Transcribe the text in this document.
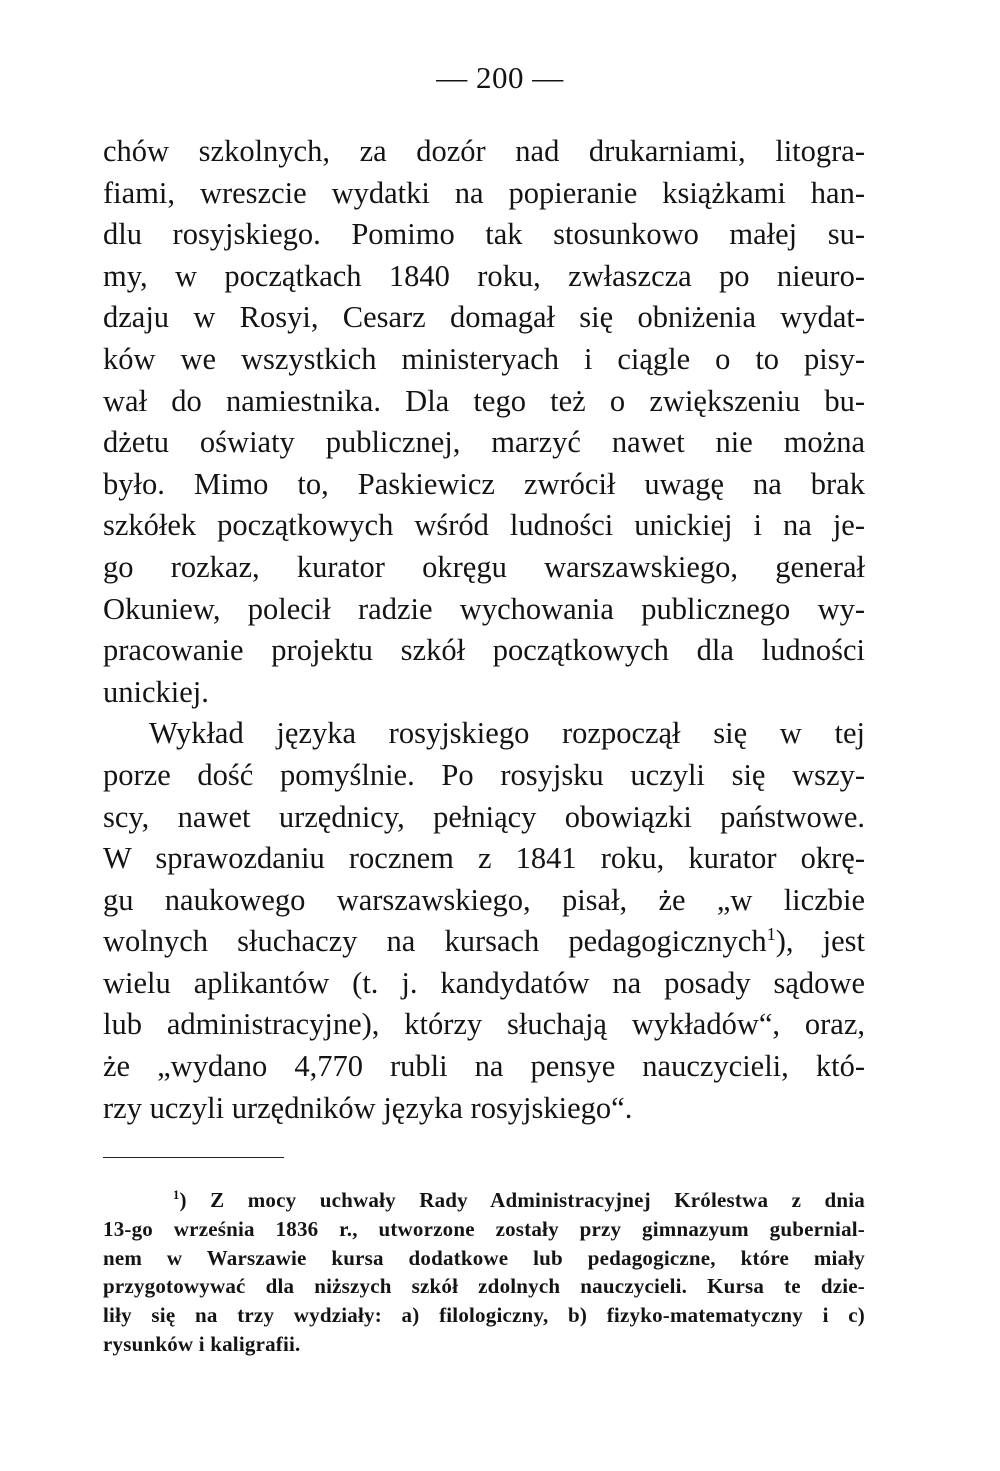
— 200 —
chów szkolnych, za dozór nad drukarniami, litogra-
fiami, wreszcie wydatki na popieranie książkami han-
dlu rosyjskiego. Pomimo tak stosunkowo małej su-
my, w początkach 1840 roku, zwłaszcza po nieuro-
dzaju w Rosyi, Cesarz domagał się obniżenia wydat-
ków we wszystkich ministeryach i ciągle o to pisy-
wał do namiestnika. Dla tego też o zwiększeniu bu-
dżetu oświaty publicznej, marzyć nawet nie można
było. Mimo to, Paskiewicz zwrócił uwagę na brak
szkółek początkowych wśród ludności unickiej i na je-
go rozkaz, kurator okręgu warszawskiego, generał
Okuniew, polecił radzie wychowania publicznego wy-
pracowanie projektu szkół początkowych dla ludności
unickiej.
Wykład języka rosyjskiego rozpoczął się w tej
porze dość pomyślnie. Po rosyjsku uczyli się wszy-
scy, nawet urzędnicy, pełniący obowiązki państwowe.
W sprawozdaniu rocznem z 1841 roku, kurator okrę-
gu naukowego warszawskiego, pisał, że „w liczbie
wolnych słuchaczy na kursach pedagogicznych$^1$), jest
wielu aplikantów (t. j. kandydatów na posady sądowe
lub administracyjne), którzy słuchają wykładów“, oraz,
że „wydano 4,770 rubli na pensye nauczycieli, któ-
rzy uczyli urzędników języka rosyjskiego“.
$^1$) Z mocy uchwały Rady Administracyjnej Królestwa z dnia
13-go września 1836 r., utworzone zostały przy gimnazyum gubernial-
nem w Warszawie kursa dodatkowe lub pedagogiczne, które miały
przygotowywać dla niższych szkół zdolnych nauczycieli. Kursa te dzie-
liły się na trzy wydziały: a) filologiczny, b) fizyko-matematyczny i c)
rysunków i kaligrafii.
